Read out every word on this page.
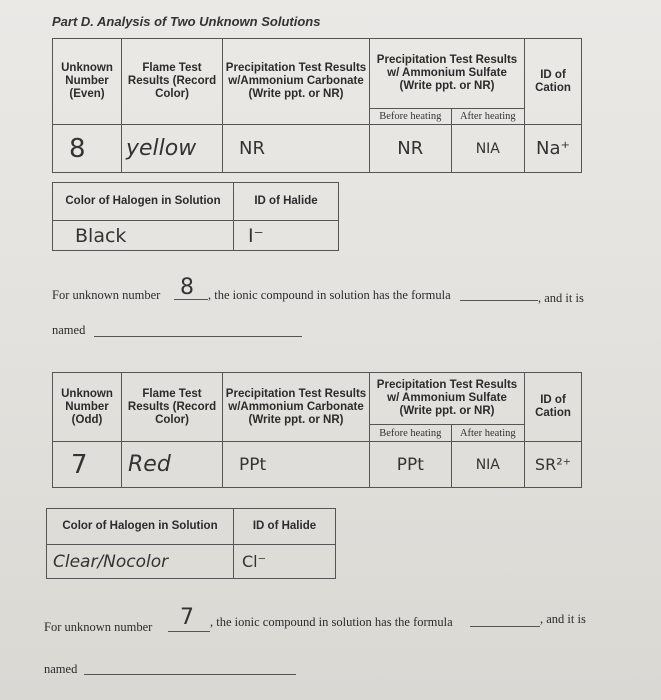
Part D. Analysis of Two Unknown Solutions
Unknown Number (Even)	Flame Test Results (Record Color)	Precipitation Test Results w/Ammonium Carbonate (Write ppt. or NR)	Precipitation Test Results w/ Ammonium Sulfate (Write ppt. or NR)		ID of Cation
			Before heating	After heating	
8	yellow	NR	NR	NIA	Na⁺
Color of Halogen in Solution	ID of Halide
Black	I⁻
For unknown number 8 , the ionic compound in solution has the formula	, and it is
named
Unknown Number (Odd)	Flame Test Results (Record Color)	Precipitation Test Results w/Ammonium Carbonate (Write ppt. or NR)	Precipitation Test Results w/ Ammonium Sulfate (Write ppt. or NR)		ID of Cation
			Before heating	After heating	
7	Red	PPt	PPt	NIA	SR²⁺
Color of Halogen in Solution	ID of Halide
Clear/Nocolor	Cl⁻
For unknown number 7 , the ionic compound in solution has the formula	, and it is
named
